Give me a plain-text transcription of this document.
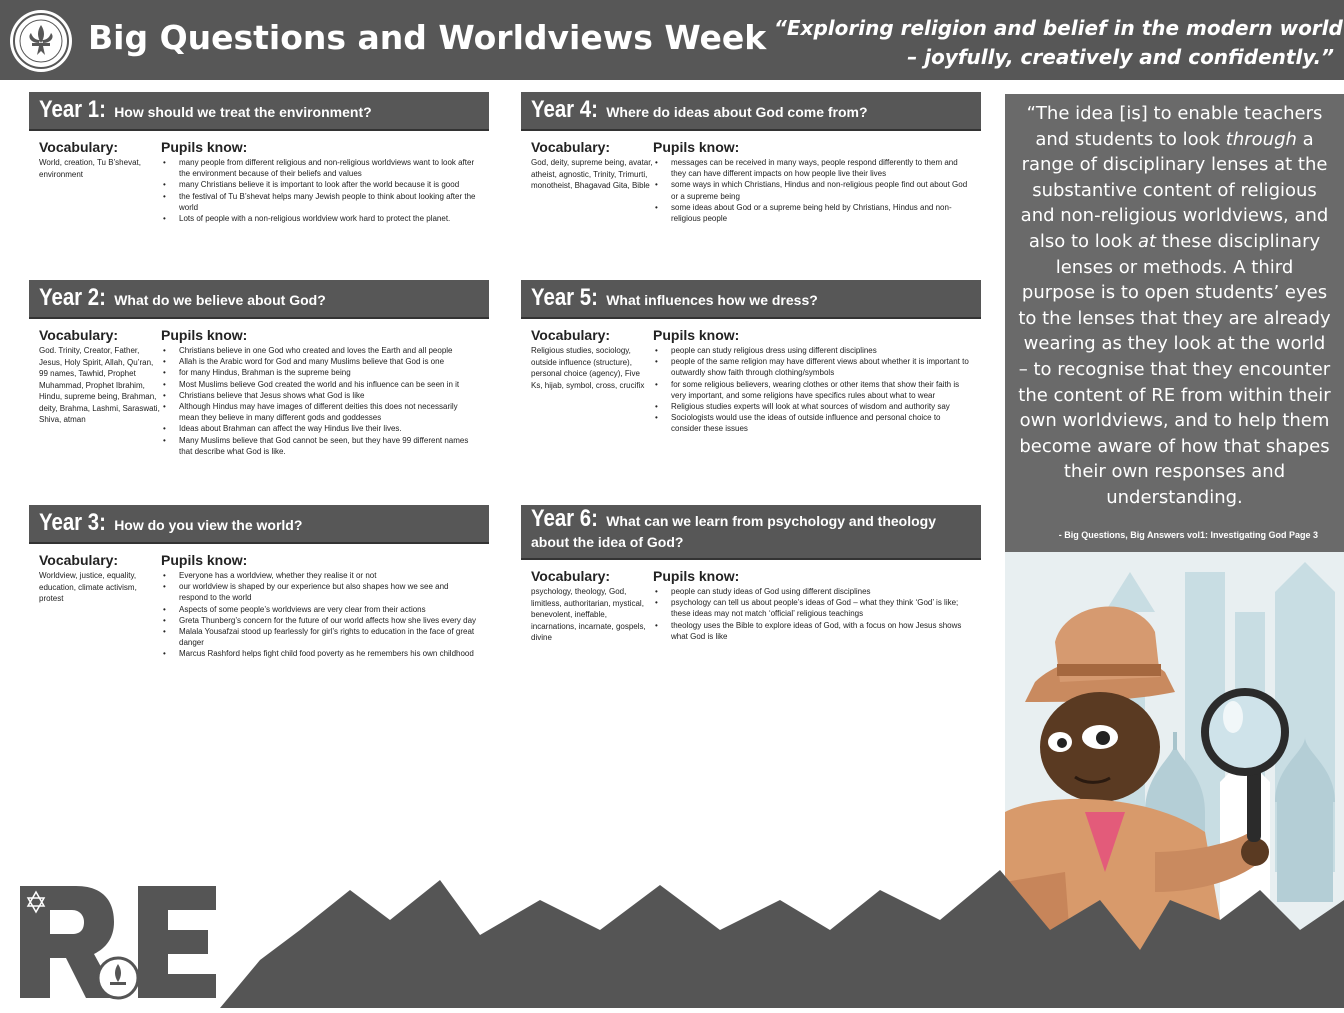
Big Questions and Worldviews Week “Exploring religion and belief in the modern world
– joyfully, creatively and confidently.”
Year 1: How should we treat the environment?
Vocabulary:
World, creation, Tu B’shevat, environment
Pupils know:
• many people from different religious and non-religious worldviews want to look after the environment because of their beliefs and values
• many Christians believe it is important to look after the world because it is good
• the festival of Tu B’shevat helps many Jewish people to think about looking after the world
• Lots of people with a non-religious worldview work hard to protect the planet.
Year 2: What do we believe about God?
Vocabulary:
God. Trinity, Creator, Father, Jesus, Holy Spirit, Allah, Qu’ran, 99 names, Tawhid, Prophet Muhammad, Prophet Ibrahim, Hindu, supreme being, Brahman, deity, Brahma, Lashmi, Saraswati, Shiva, atman
Pupils know:
• Christians believe in one God who created and loves the Earth and all people
• Allah is the Arabic word for God and many Muslims believe that God is one
• for many Hindus, Brahman is the supreme being
• Most Muslims believe God created the world and his influence can be seen in it
• Christians believe that Jesus shows what God is like
• Although Hindus may have images of different deities this does not necessarily mean they believe in many different gods and goddesses
• Ideas about Brahman can affect the way Hindus live their lives.
• Many Muslims believe that God cannot be seen, but they have 99 different names that describe what God is like.
Year 3: How do you view the world?
Vocabulary:
Worldview, justice, equality, education, climate activism, protest
Pupils know:
• Everyone has a worldview, whether they realise it or not
• our worldview is shaped by our experience but also shapes how we see and respond to the world
• Aspects of some people’s worldviews are very clear from their actions
• Greta Thunberg’s concern for the future of our world affects how she lives every day
• Malala Yousafzai stood up fearlessly for girl’s rights to education in the face of great danger
• Marcus Rashford helps fight child food poverty as he remembers his own childhood
Year 4: Where do ideas about God come from?
Vocabulary:
God, deity, supreme being, avatar, atheist, agnostic, Trinity, Trimurti, monotheist, Bhagavad Gita, Bible
Pupils know:
• messages can be received in many ways, people respond differently to them and they can have different impacts on how people live their lives
• some ways in which Christians, Hindus and non-religious people find out about God or a supreme being
• some ideas about God or a supreme being held by Christians, Hindus and non-religious people
Year 5: What influences how we dress?
Vocabulary:
Religious studies, sociology, outside influence (structure), personal choice (agency), Five Ks, hijab, symbol, cross, crucifix
Pupils know:
• people can study religious dress using different disciplines
• people of the same religion may have different views about whether it is important to outwardly show faith through clothing/symbols
• for some religious believers, wearing clothes or other items that show their faith is very important, and some religions have specifics rules about what to wear
• Religious studies experts will look at what sources of wisdom and authority say
• Sociologists would use the ideas of outside influence and personal choice to consider these issues
Year 6: What can we learn from psychology and theology about the idea of God?
Vocabulary:
psychology, theology, God, limitless, authoritarian, mystical, benevolent, ineffable, incarnations, incarnate, gospels, divine
Pupils know:
• people can study ideas of God using different disciplines
• psychology can tell us about people’s ideas of God – what they think ‘God’ is like; these ideas may not match ‘official’ religious teachings
• theology uses the Bible to explore ideas of God, with a focus on how Jesus shows what God is like
“The idea [is] to enable teachers and students to look through a range of disciplinary lenses at the substantive content of religious and non-religious worldviews, and also to look at these disciplinary lenses or methods. A third purpose is to open students’ eyes to the lenses that they are already wearing as they look at the world – to recognise that they encounter the content of RE from within their own worldviews, and to help them become aware of how that shapes their own responses and understanding.
- Big Questions, Big Answers vol1: Investigating God Page 3
